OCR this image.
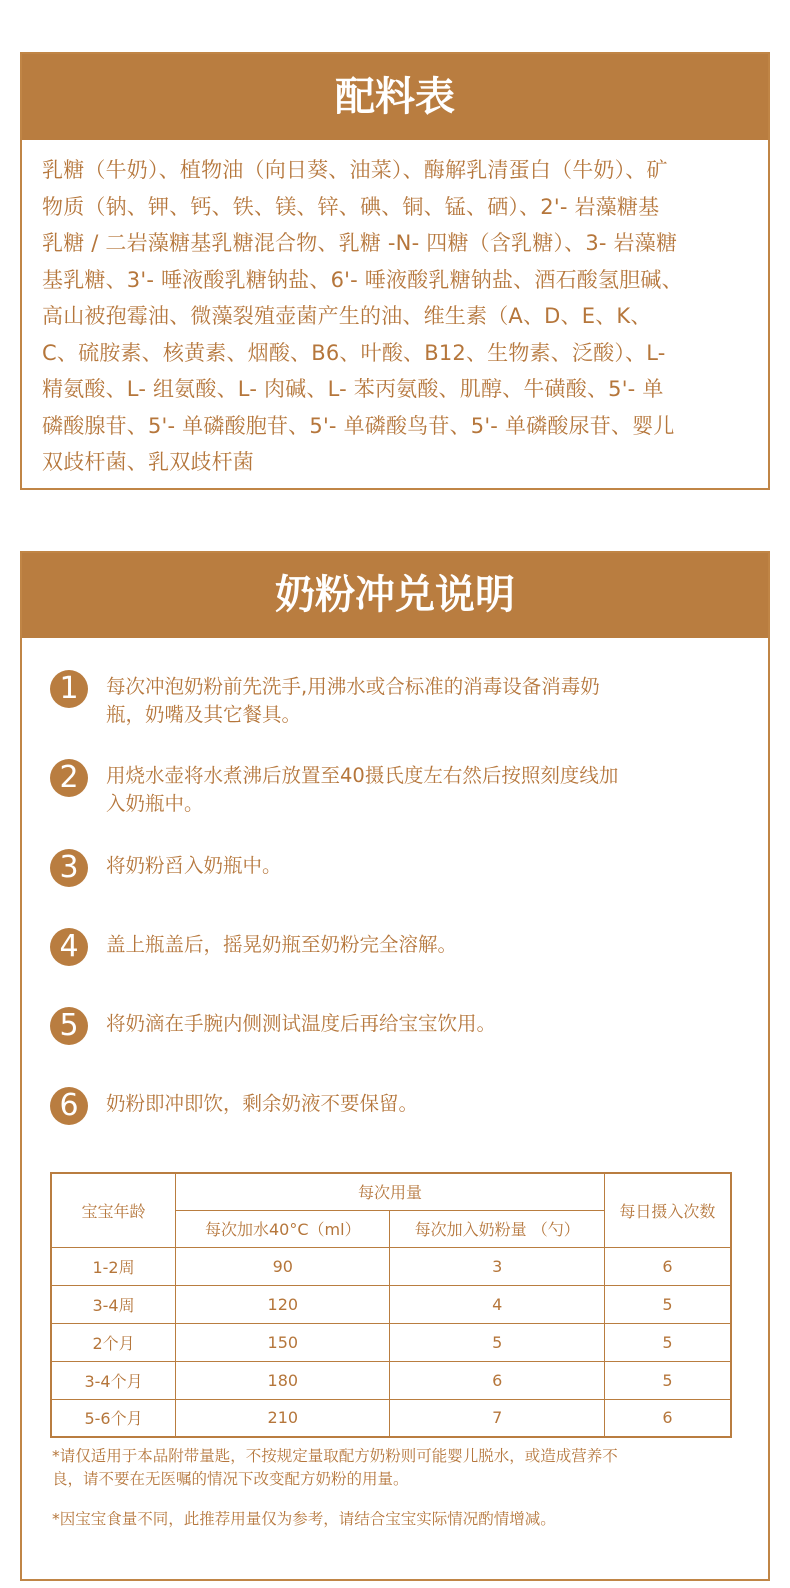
配料表
乳糖（牛奶）、植物油（向日葵、油菜）、酶解乳清蛋白（牛奶）、矿
物质（钠、钾、钙、铁、镁、锌、碘、铜、锰、硒）、2'- 岩藻糖基
乳糖 / 二岩藻糖基乳糖混合物、乳糖 -N- 四糖（含乳糖）、3- 岩藻糖
基乳糖、3'- 唾液酸乳糖钠盐、6'- 唾液酸乳糖钠盐、酒石酸氢胆碱、
高山被孢霉油、微藻裂殖壶菌产生的油、维生素（A、D、E、K、
C、硫胺素、核黄素、烟酸、B6、叶酸、B12、生物素、泛酸）、L-
精氨酸、L- 组氨酸、L- 肉碱、L- 苯丙氨酸、肌醇、牛磺酸、5'- 单
磷酸腺苷、5'- 单磷酸胞苷、5'- 单磷酸鸟苷、5'- 单磷酸尿苷、婴儿
双歧杆菌、乳双歧杆菌
奶粉冲兑说明
1	每次冲泡奶粉前先洗手,用沸水或合标准的消毒设备消毒奶
瓶，奶嘴及其它餐具。
2	用烧水壶将水煮沸后放置至40摄氏度左右然后按照刻度线加
入奶瓶中。
3	将奶粉舀入奶瓶中。
4	盖上瓶盖后，摇晃奶瓶至奶粉完全溶解。
5	将奶滴在手腕内侧测试温度后再给宝宝饮用。
6	奶粉即冲即饮，剩余奶液不要保留。
宝宝年龄	每次用量		每日摄入次数
	每次加水40°C（ml）	每次加入奶粉量 （勺）	
1-2周	90	3	6
3-4周	120	4	5
2个月	150	5	5
3-4个月	180	6	5
5-6个月	210	7	6
*请仅适用于本品附带量匙，不按规定量取配方奶粉则可能婴儿脱水，或造成营养不
良，请不要在无医嘱的情况下改变配方奶粉的用量。
*因宝宝食量不同，此推荐用量仅为参考，请结合宝宝实际情况酌情增减。
